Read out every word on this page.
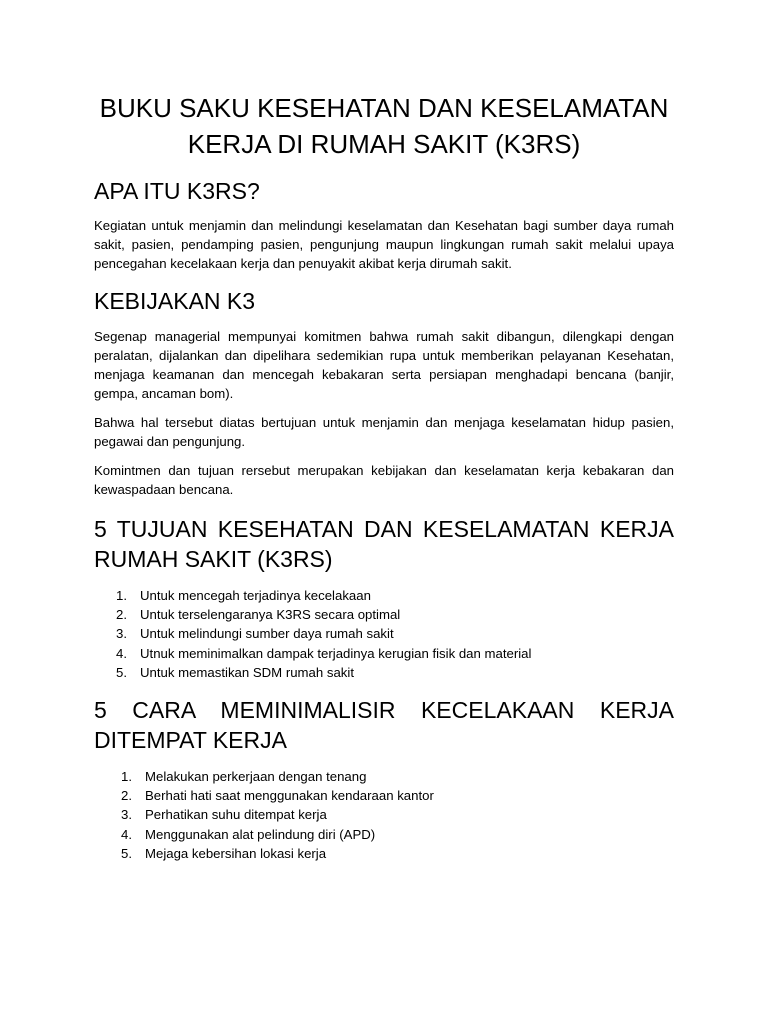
BUKU SAKU KESEHATAN DAN KESELAMATAN
KERJA DI RUMAH SAKIT (K3RS)
APA ITU K3RS?

Kegiatan untuk menjamin dan melindungi keselamatan dan Kesehatan bagi sumber daya rumah sakit, pasien, pendamping pasien, pengunjung maupun lingkungan rumah sakit melalui upaya pencegahan kecelakaan kerja dan penuyakit akibat kerja dirumah sakit.

KEBIJAKAN K3

Segenap managerial mempunyai komitmen bahwa rumah sakit dibangun, dilengkapi dengan peralatan, dijalankan dan dipelihara sedemikian rupa untuk memberikan pelayanan Kesehatan, menjaga keamanan dan mencegah kebakaran serta persiapan menghadapi bencana (banjir, gempa, ancaman bom).

Bahwa hal tersebut diatas bertujuan untuk menjamin dan menjaga keselamatan hidup pasien, pegawai dan pengunjung.

Komintmen dan tujuan rersebut merupakan kebijakan dan keselamatan kerja kebakaran dan kewaspadaan bencana.

5 TUJUAN KESEHATAN DAN KESELAMATAN KERJA RUMAH SAKIT (K3RS)
1. Untuk mencegah terjadinya kecelakaan
2. Untuk terselengaranya K3RS secara optimal
3. Untuk melindungi sumber daya rumah sakit
4. Utnuk meminimalkan dampak terjadinya kerugian fisik dan material
5. Untuk memastikan SDM rumah sakit
5 CARA MEMINIMALISIR KECELAKAAN KERJA DITEMPAT KERJA
1. Melakukan perkerjaan dengan tenang
2. Berhati hati saat menggunakan kendaraan kantor
3. Perhatikan suhu ditempat kerja
4. Menggunakan alat pelindung diri (APD)
5. Mejaga kebersihan lokasi kerja
